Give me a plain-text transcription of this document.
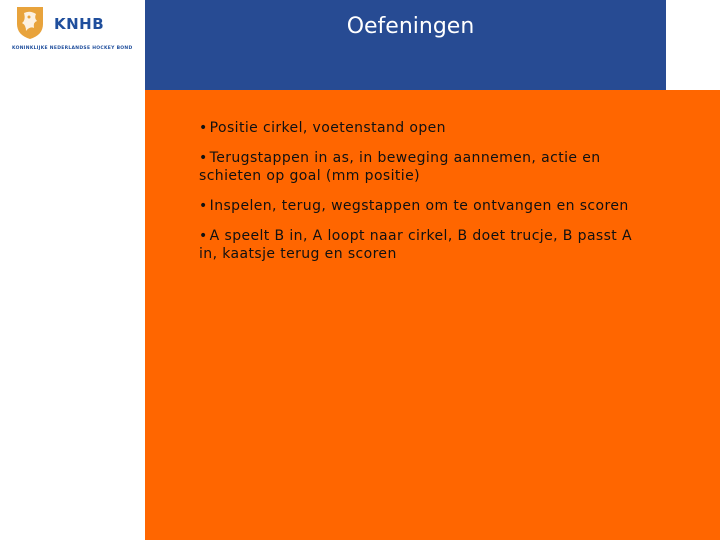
KNHB
KONINKLIJKE NEDERLANDSE HOCKEY BOND
Oefeningen
• Positie cirkel, voetenstand open
• Terugstappen in as, in beweging aannemen, actie en schieten op goal (mm positie)
• Inspelen, terug, wegstappen om te ontvangen en scoren
• A speelt B in, A loopt naar cirkel, B doet trucje, B passt A in, kaatsje terug en scoren
